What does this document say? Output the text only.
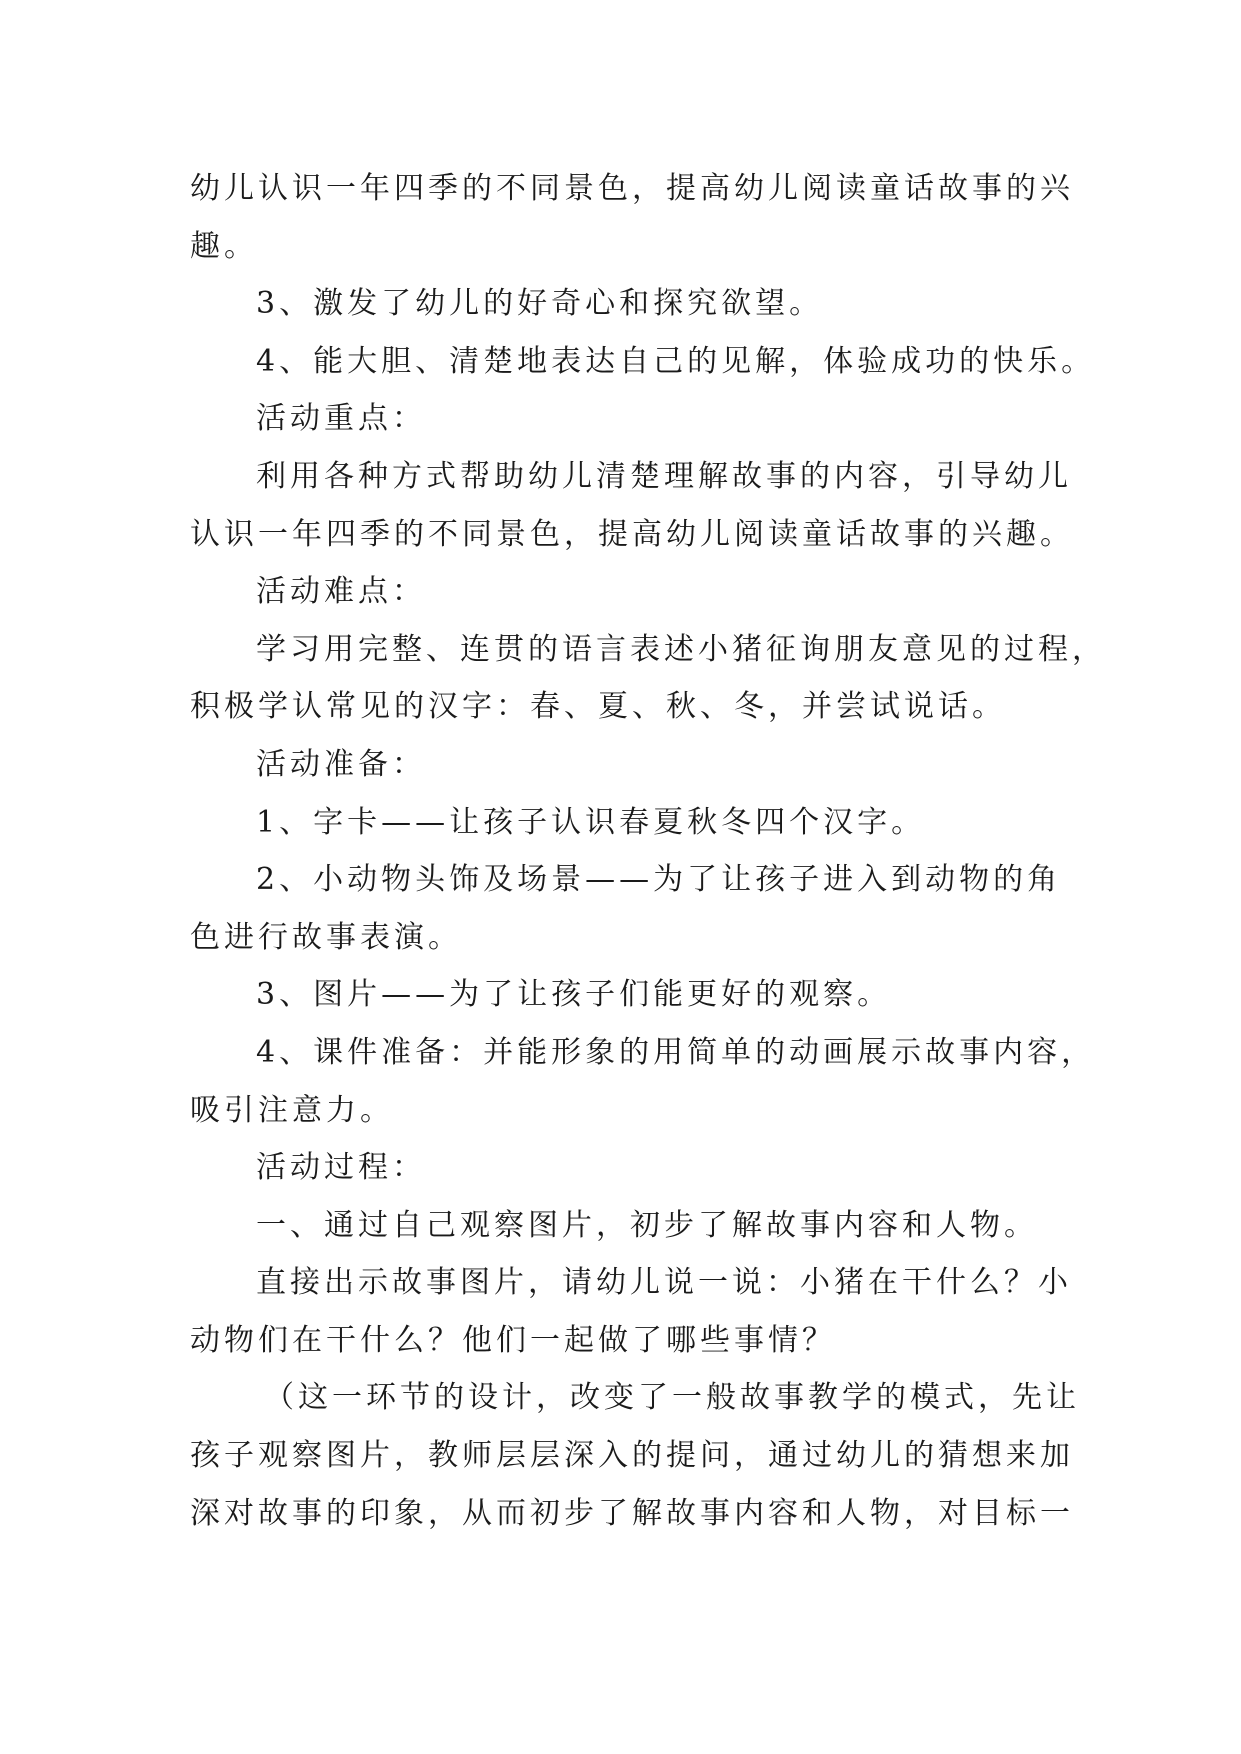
幼儿认识一年四季的不同景色，提高幼儿阅读童话故事的兴
趣。
3、激发了幼儿的好奇心和探究欲望。
4、能大胆、清楚地表达自己的见解，体验成功的快乐。
活动重点：
利用各种方式帮助幼儿清楚理解故事的内容，引导幼儿
认识一年四季的不同景色，提高幼儿阅读童话故事的兴趣。
活动难点：
学习用完整、连贯的语言表述小猪征询朋友意见的过程，
积极学认常见的汉字：春、夏、秋、冬，并尝试说话。
活动准备：
1、字卡——让孩子认识春夏秋冬四个汉字。
2、小动物头饰及场景——为了让孩子进入到动物的角
色进行故事表演。
3、图片——为了让孩子们能更好的观察。
4、课件准备：并能形象的用简单的动画展示故事内容，
吸引注意力。
活动过程：
一、通过自己观察图片，初步了解故事内容和人物。
直接出示故事图片，请幼儿说一说：小猪在干什么？小
动物们在干什么？他们一起做了哪些事情？
（这一环节的设计，改变了一般故事教学的模式，先让
孩子观察图片，教师层层深入的提问，通过幼儿的猜想来加
深对故事的印象，从而初步了解故事内容和人物，对目标一
